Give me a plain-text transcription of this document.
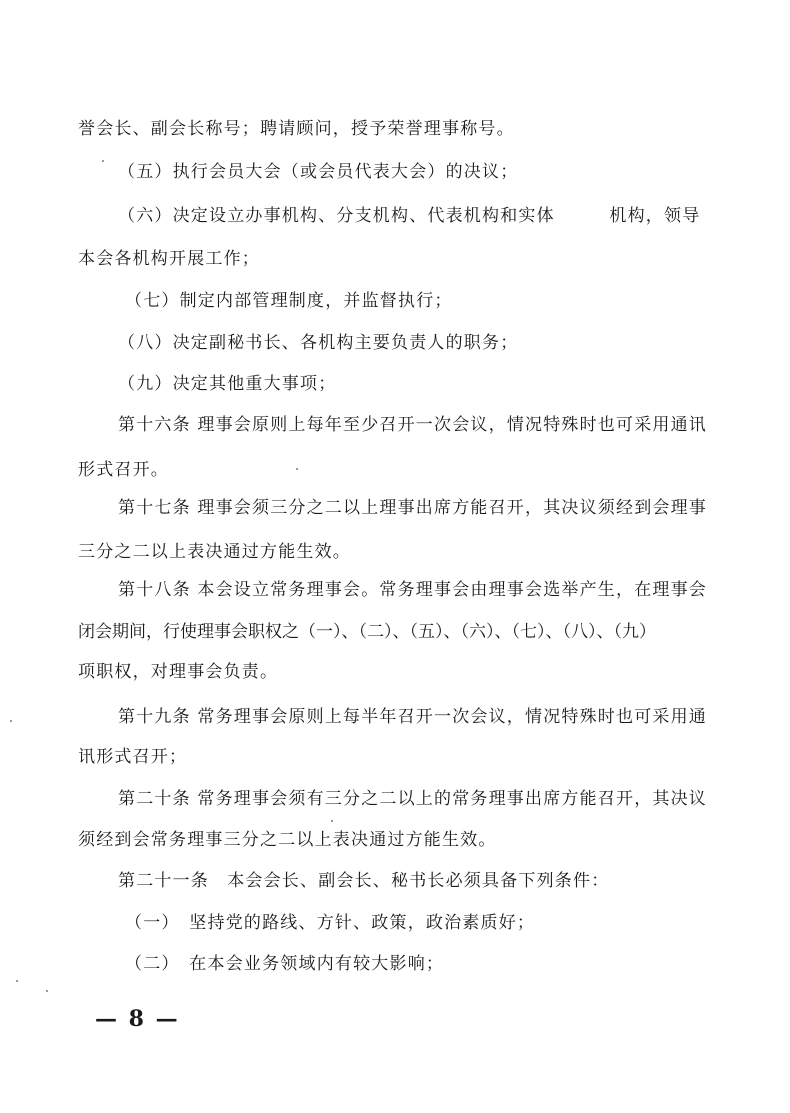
誉会长、副会长称号；聘请顾问，授予荣誉理事称号。
（五）执行会员大会（或会员代表大会）的决议；
（六）决定设立办事机构、分支机构、代表机构和实体　　　机构，领导
本会各机构开展工作；
（七）制定内部管理制度，并监督执行；
（八）决定副秘书长、各机构主要负责人的职务；
（九）决定其他重大事项；
第十六条 理事会原则上每年至少召开一次会议，情况特殊时也可采用通讯
形式召开。
第十七条 理事会须三分之二以上理事出席方能召开，其决议须经到会理事
三分之二以上表决通过方能生效。
第十八条 本会设立常务理事会。常务理事会由理事会选举产生，在理事会
闭会期间，行使理事会职权之（一）、（二）、（五）、（六）、（七）、（八）、（九）
项职权，对理事会负责。
第十九条 常务理事会原则上每半年召开一次会议，情况特殊时也可采用通
讯形式召开；
第二十条 常务理事会须有三分之二以上的常务理事出席方能召开，其决议
须经到会常务理事三分之二以上表决通过方能生效。
第二十一条　本会会长、副会长、秘书长必须具备下列条件：
（一）　坚持党的路线、方针、政策，政治素质好；
（二）　在本会业务领域内有较大影响；
— 8 —
